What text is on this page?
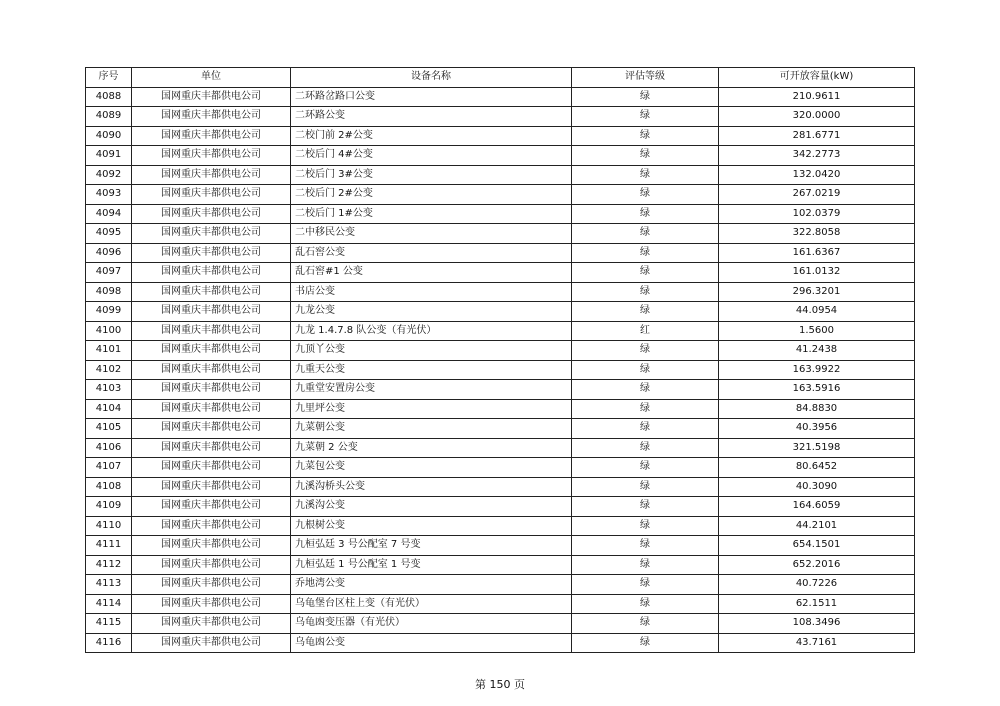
序号	单位	设备名称	评估等级	可开放容量(kW)
4088	国网重庆丰都供电公司	二环路岔路口公变	绿	210.9611
4089	国网重庆丰都供电公司	二环路公变	绿	320.0000
4090	国网重庆丰都供电公司	二校门前 2#公变	绿	281.6771
4091	国网重庆丰都供电公司	二校后门 4#公变	绿	342.2773
4092	国网重庆丰都供电公司	二校后门 3#公变	绿	132.0420
4093	国网重庆丰都供电公司	二校后门 2#公变	绿	267.0219
4094	国网重庆丰都供电公司	二校后门 1#公变	绿	102.0379
4095	国网重庆丰都供电公司	二中移民公变	绿	322.8058
4096	国网重庆丰都供电公司	乱石窖公变	绿	161.6367
4097	国网重庆丰都供电公司	乱石窖#1 公变	绿	161.0132
4098	国网重庆丰都供电公司	书店公变	绿	296.3201
4099	国网重庆丰都供电公司	九龙公变	绿	44.0954
4100	国网重庆丰都供电公司	九龙 1.4.7.8 队公变（有光伏）	红	1.5600
4101	国网重庆丰都供电公司	九顶丫公变	绿	41.2438
4102	国网重庆丰都供电公司	九重天公变	绿	163.9922
4103	国网重庆丰都供电公司	九重堂安置房公变	绿	163.5916
4104	国网重庆丰都供电公司	九里坪公变	绿	84.8830
4105	国网重庆丰都供电公司	九菜朝公变	绿	40.3956
4106	国网重庆丰都供电公司	九菜朝 2 公变	绿	321.5198
4107	国网重庆丰都供电公司	九菜包公变	绿	80.6452
4108	国网重庆丰都供电公司	九溪沟桥头公变	绿	40.3090
4109	国网重庆丰都供电公司	九溪沟公变	绿	164.6059
4110	国网重庆丰都供电公司	九根树公变	绿	44.2101
4111	国网重庆丰都供电公司	九桓弘廷 3 号公配室 7 号变	绿	654.1501
4112	国网重庆丰都供电公司	九桓弘廷 1 号公配室 1 号变	绿	652.2016
4113	国网重庆丰都供电公司	乔地湾公变	绿	40.7226
4114	国网重庆丰都供电公司	乌龟堡台区柱上变（有光伏）	绿	62.1511
4115	国网重庆丰都供电公司	乌龟凼变压器（有光伏）	绿	108.3496
4116	国网重庆丰都供电公司	乌龟凼公变	绿	43.7161
第 150 页
